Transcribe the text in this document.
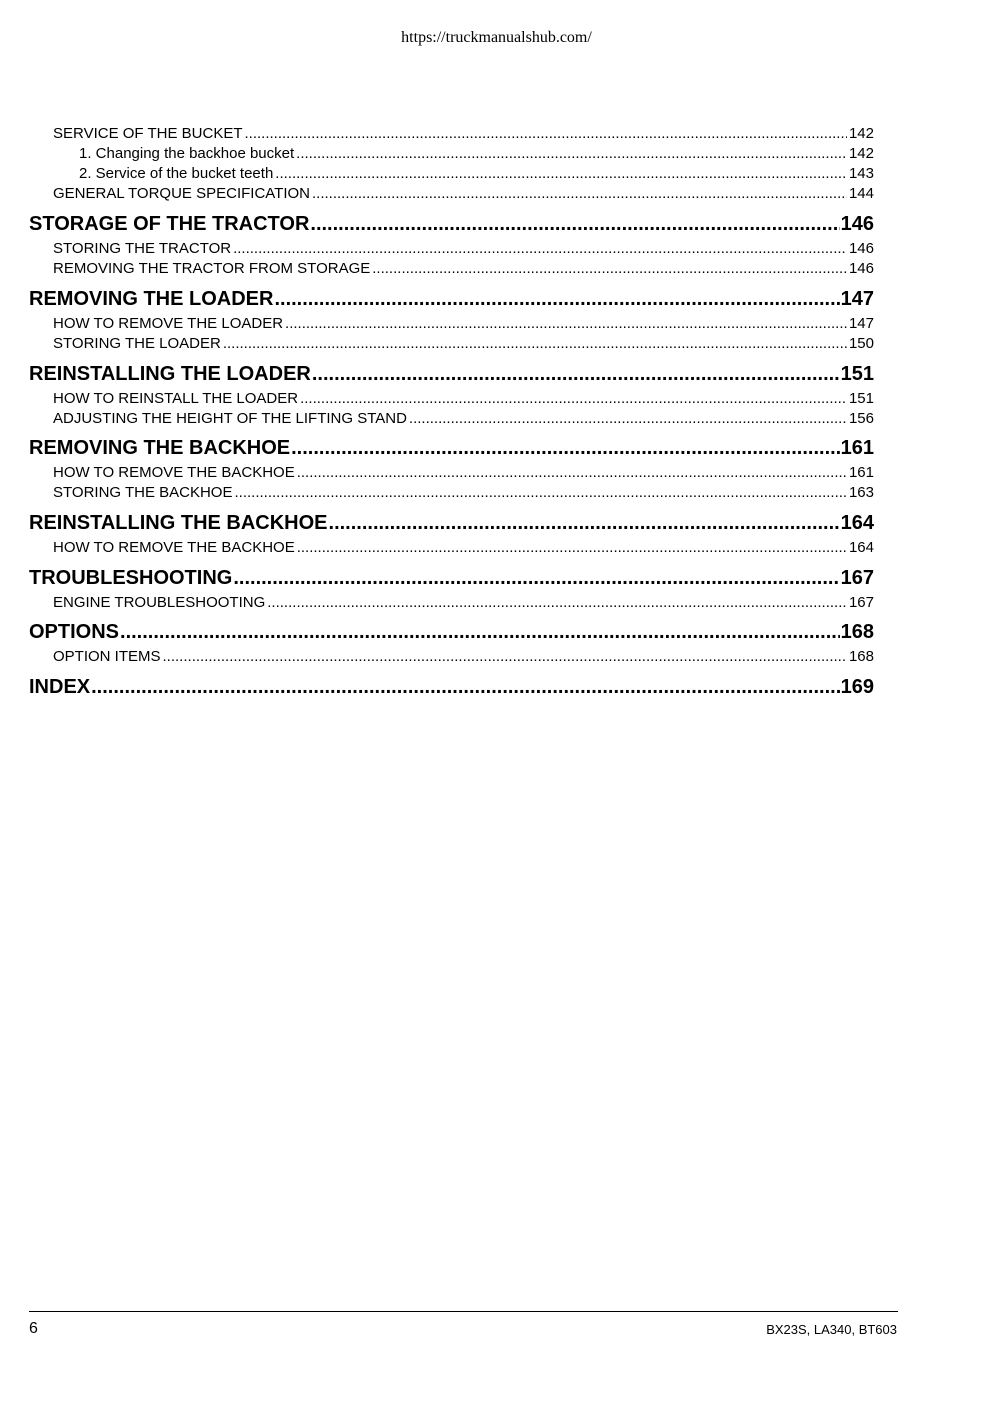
https://truckmanualshub.com/
SERVICE OF THE BUCKET .....	142
1. Changing the backhoe bucket .....	142
2. Service of the bucket teeth .....	143
GENERAL TORQUE SPECIFICATION .....	144
STORAGE OF THE TRACTOR .....	146
STORING THE TRACTOR .....	146
REMOVING THE TRACTOR FROM STORAGE .....	146
REMOVING THE LOADER .....	147
HOW TO REMOVE THE LOADER .....	147
STORING THE LOADER .....	150
REINSTALLING THE LOADER .....	151
HOW TO REINSTALL THE LOADER .....	151
ADJUSTING THE HEIGHT OF THE LIFTING STAND .....	156
REMOVING THE BACKHOE .....	161
HOW TO REMOVE THE BACKHOE .....	161
STORING THE BACKHOE .....	163
REINSTALLING THE BACKHOE .....	164
HOW TO REMOVE THE BACKHOE .....	164
TROUBLESHOOTING .....	167
ENGINE TROUBLESHOOTING .....	167
OPTIONS .....	168
OPTION ITEMS .....	168
INDEX .....	169
6	BX23S, LA340, BT603
